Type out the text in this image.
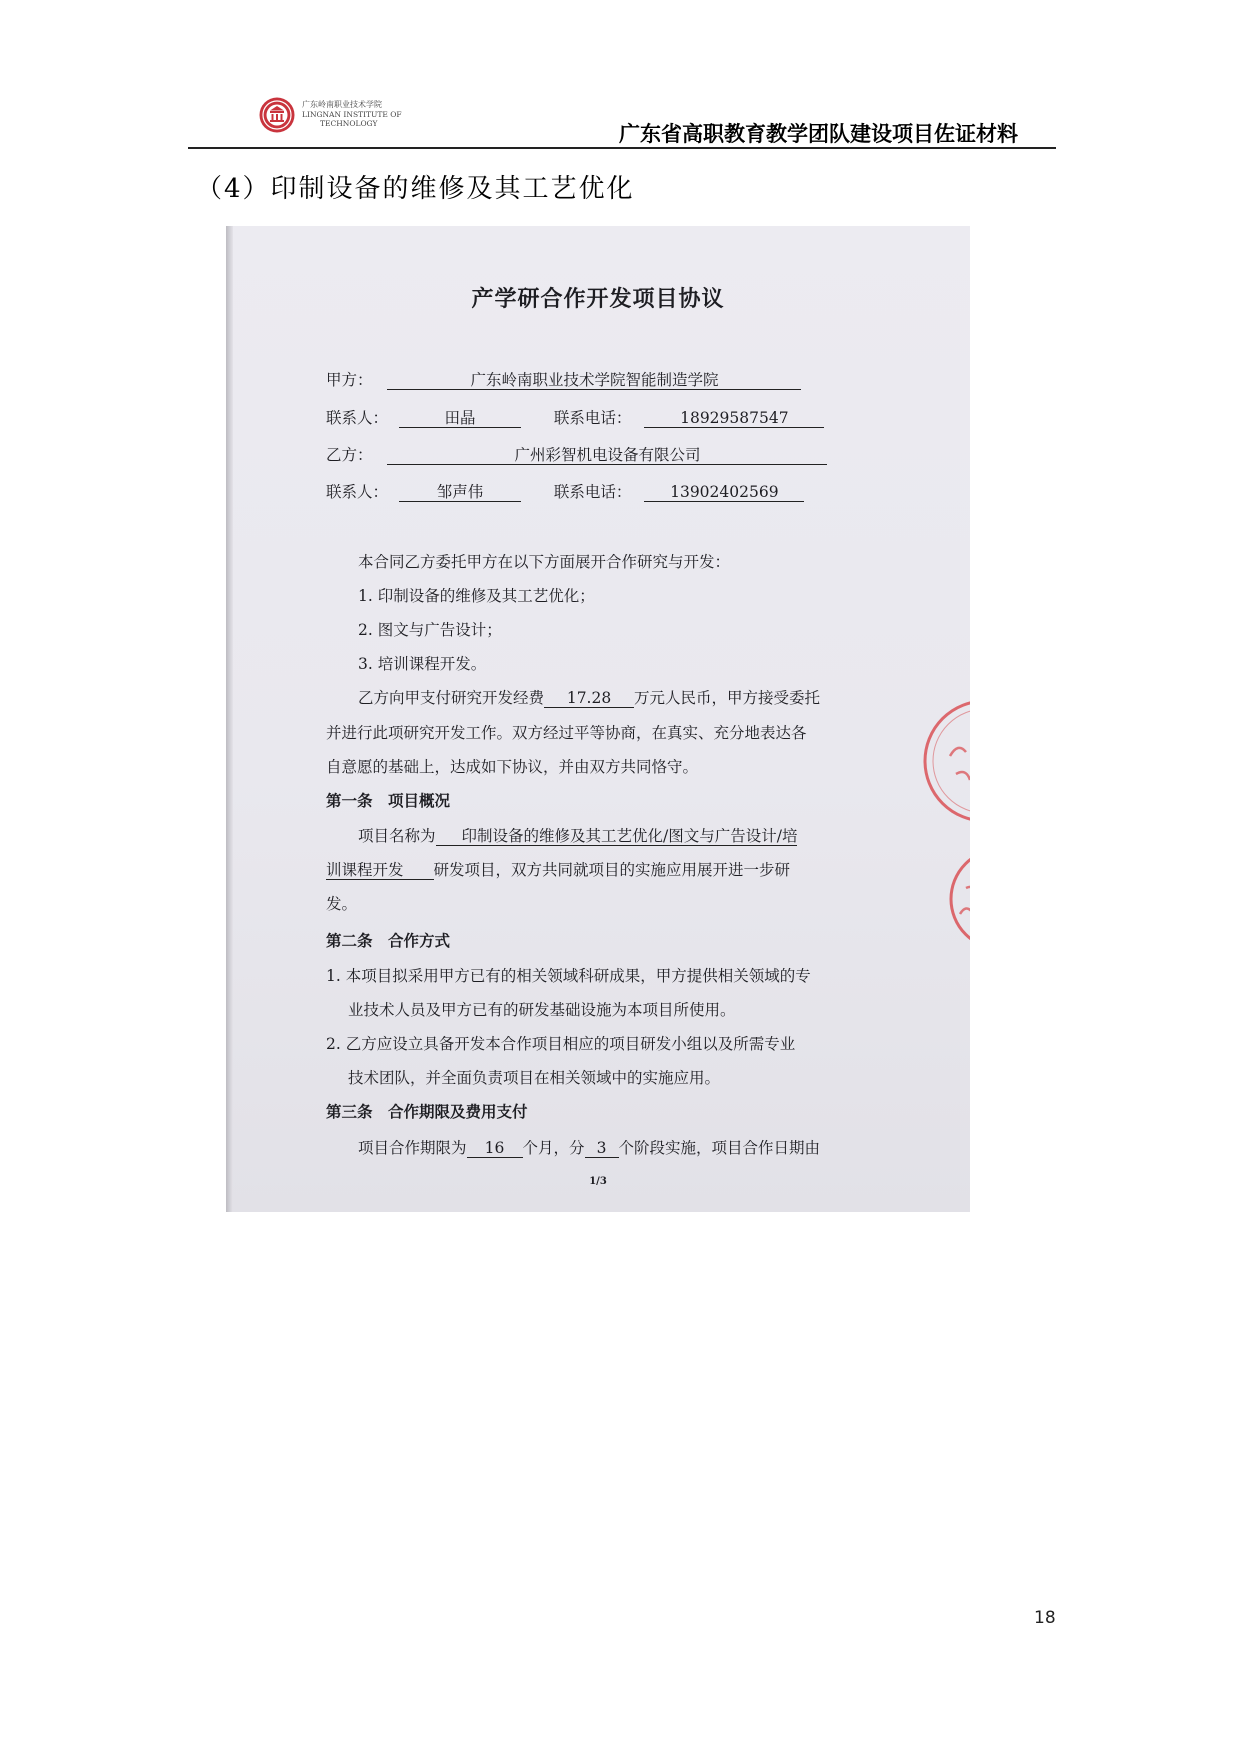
广东岭南职业技术学院
LINGNAN INSTITUTE OF
TECHNOLOGY	广东省高职教育教学团队建设项目佐证材料
（4）印制设备的维修及其工艺优化
产学研合作开发项目协议
甲方：	广东岭南职业技术学院智能制造学院
联系人：	田晶	联系电话：	18929587547
乙方：	广州彩智机电设备有限公司
联系人：	邹声伟	联系电话： 13902402569
本合同乙方委托甲方在以下方面展开合作研究与开发：
1. 印制设备的维修及其工艺优化；
2. 图文与广告设计；
3. 培训课程开发。
乙方向甲支付研究开发经费 17.28 万元人民币，甲方接受委托
并进行此项研究开发工作。双方经过平等协商，在真实、充分地表达各
自意愿的基础上，达成如下协议，并由双方共同恪守。
第一条　项目概况
项目名称为 印制设备的维修及其工艺优化/图文与广告设计/培
训课程开发 研发项目，双方共同就项目的实施应用展开进一步研
发。
第二条　合作方式
1. 本项目拟采用甲方已有的相关领域科研成果，甲方提供相关领域的专
业技术人员及甲方已有的研发基础设施为本项目所使用。
2. 乙方应设立具备开发本合作项目相应的项目研发小组以及所需专业
技术团队，并全面负责项目在相关领域中的实施应用。
第三条　合作期限及费用支付
项目合作期限为 16 个月，分 3 个阶段实施，项目合作日期由
1/3
18
